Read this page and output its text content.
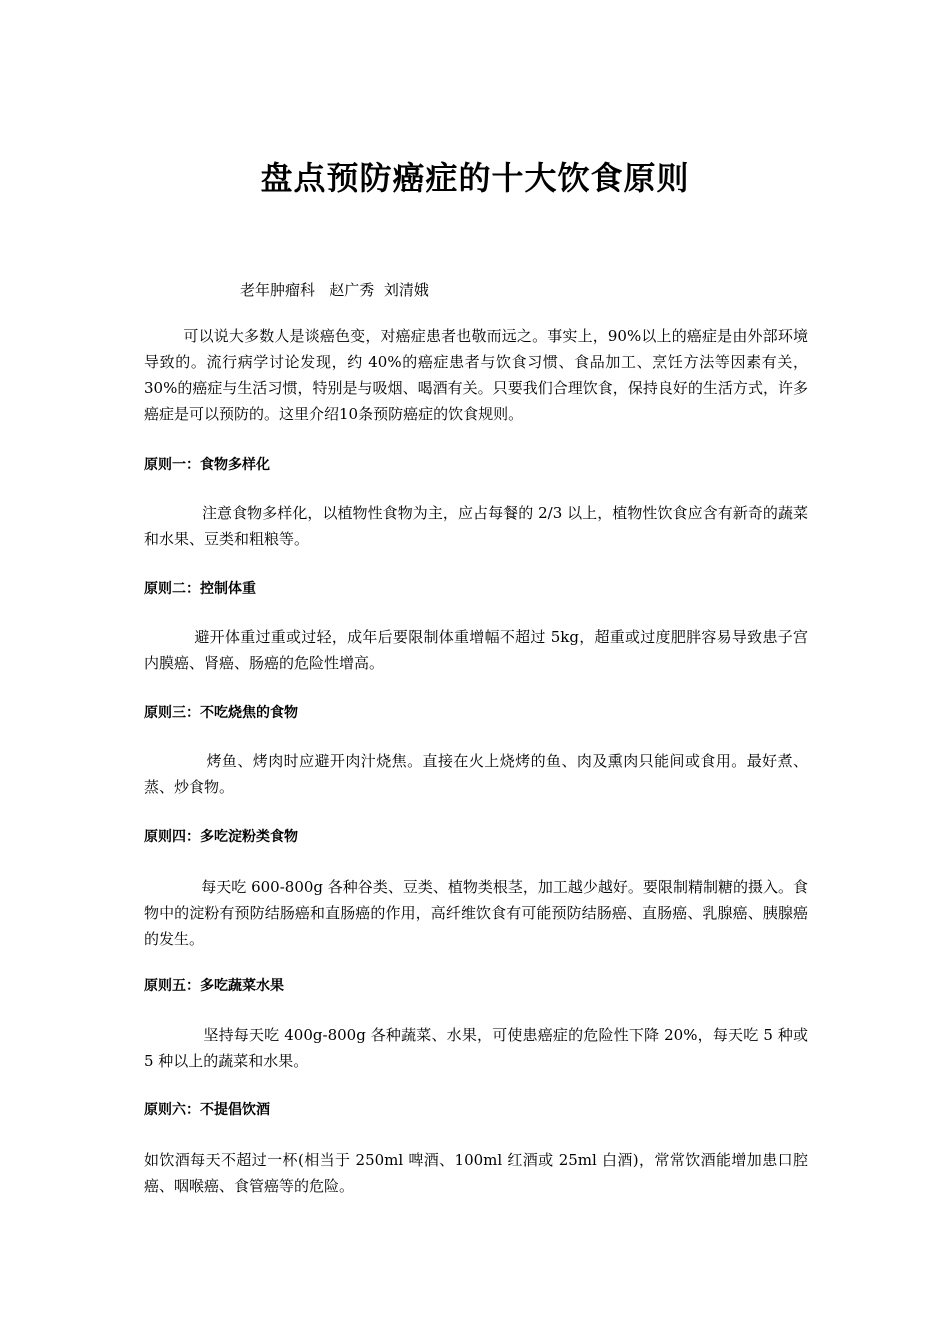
盘点预防癌症的十大饮食原则
老年肿瘤科   赵广秀  刘清娥

可以说大多数人是谈癌色变，对癌症患者也敬而远之。事实上，90%以上的癌症是由外部环境导致的。流行病学讨论发现，约 40%的癌症患者与饮食习惯、食品加工、烹饪方法等因素有关，30%的癌症与生活习惯，特别是与吸烟、喝酒有关。只要我们合理饮食，保持良好的生活方式，许多癌症是可以预防的。这里介绍10条预防癌症的饮食规则。

原则一：食物多样化

注意食物多样化，以植物性食物为主，应占每餐的 2/3 以上，植物性饮食应含有新奇的蔬菜和水果、豆类和粗粮等。

原则二：控制体重

避开体重过重或过轻，成年后要限制体重增幅不超过 5kg，超重或过度肥胖容易导致患子宫内膜癌、肾癌、肠癌的危险性增高。

原则三：不吃烧焦的食物

烤鱼、烤肉时应避开肉汁烧焦。直接在火上烧烤的鱼、肉及熏肉只能间或食用。最好煮、蒸、炒食物。

原则四：多吃淀粉类食物

每天吃 600-800g 各种谷类、豆类、植物类根茎，加工越少越好。要限制精制糖的摄入。食物中的淀粉有预防结肠癌和直肠癌的作用，高纤维饮食有可能预防结肠癌、直肠癌、乳腺癌、胰腺癌的发生。

原则五：多吃蔬菜水果

坚持每天吃 400g-800g 各种蔬菜、水果，可使患癌症的危险性下降 20%，每天吃 5 种或 5 种以上的蔬菜和水果。

原则六：不提倡饮酒

如饮酒每天不超过一杯(相当于 250ml 啤酒、100ml 红酒或 25ml 白酒)，常常饮酒能增加患口腔癌、咽喉癌、食管癌等的危险。
